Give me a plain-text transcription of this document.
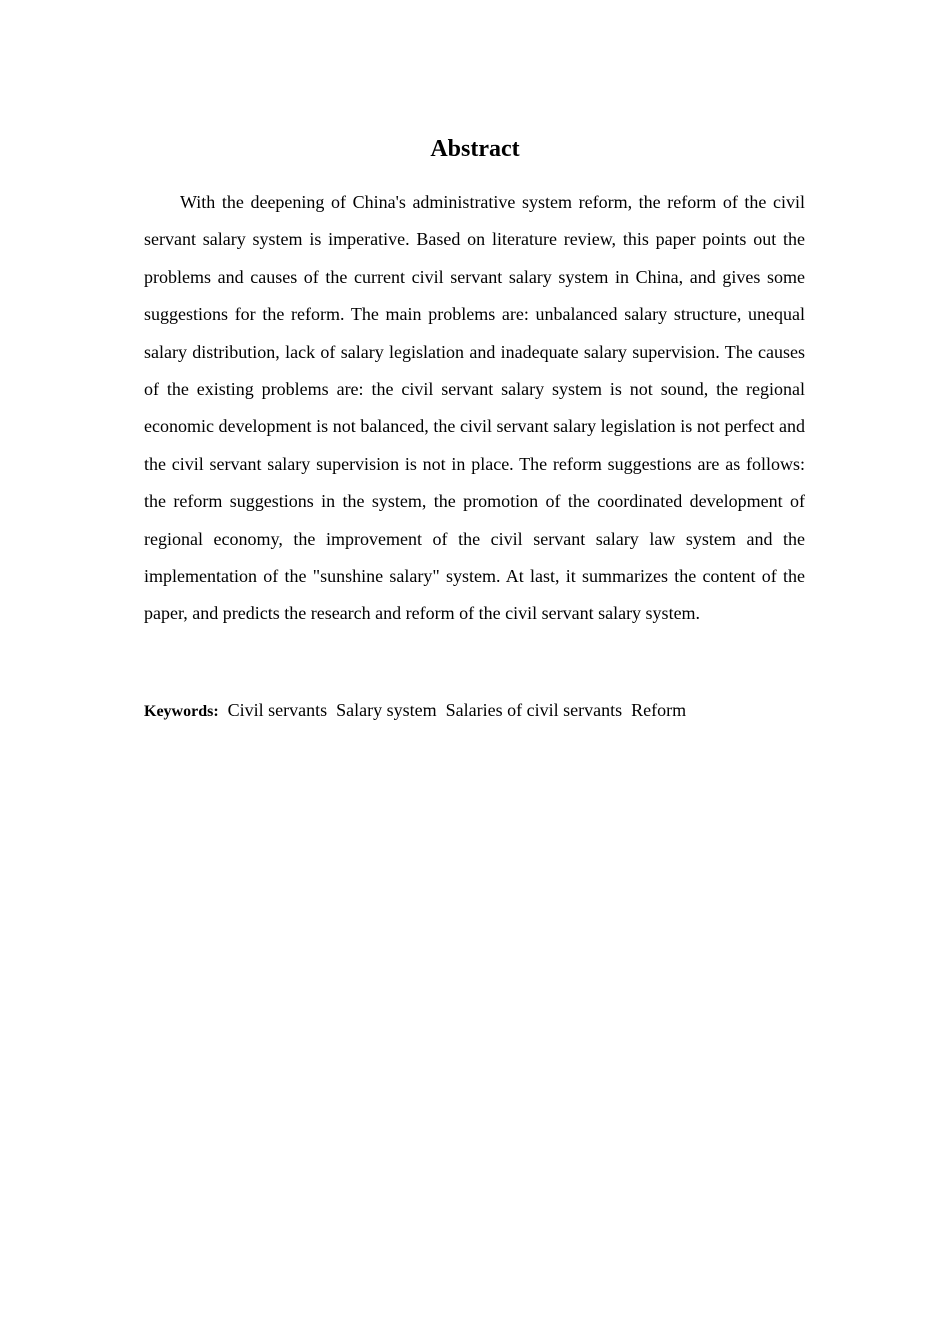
Abstract

With the deepening of China's administrative system reform, the reform of the civil servant salary system is imperative. Based on literature review, this paper points out the problems and causes of the current civil servant salary system in China, and gives some suggestions for the reform. The main problems are: unbalanced salary structure, unequal salary distribution, lack of salary legislation and inadequate salary supervision. The causes of the existing problems are: the civil servant salary system is not sound, the regional economic development is not balanced, the civil servant salary legislation is not perfect and the civil servant salary supervision is not in place. The reform suggestions are as follows: the reform suggestions in the system, the promotion of the coordinated development of regional economy, the improvement of the civil servant salary law system and the implementation of the "sunshine salary" system. At last, it summarizes the content of the paper, and predicts the research and reform of the civil servant salary system.

Keywords: Civil servants Salary system Salaries of civil servants Reform
